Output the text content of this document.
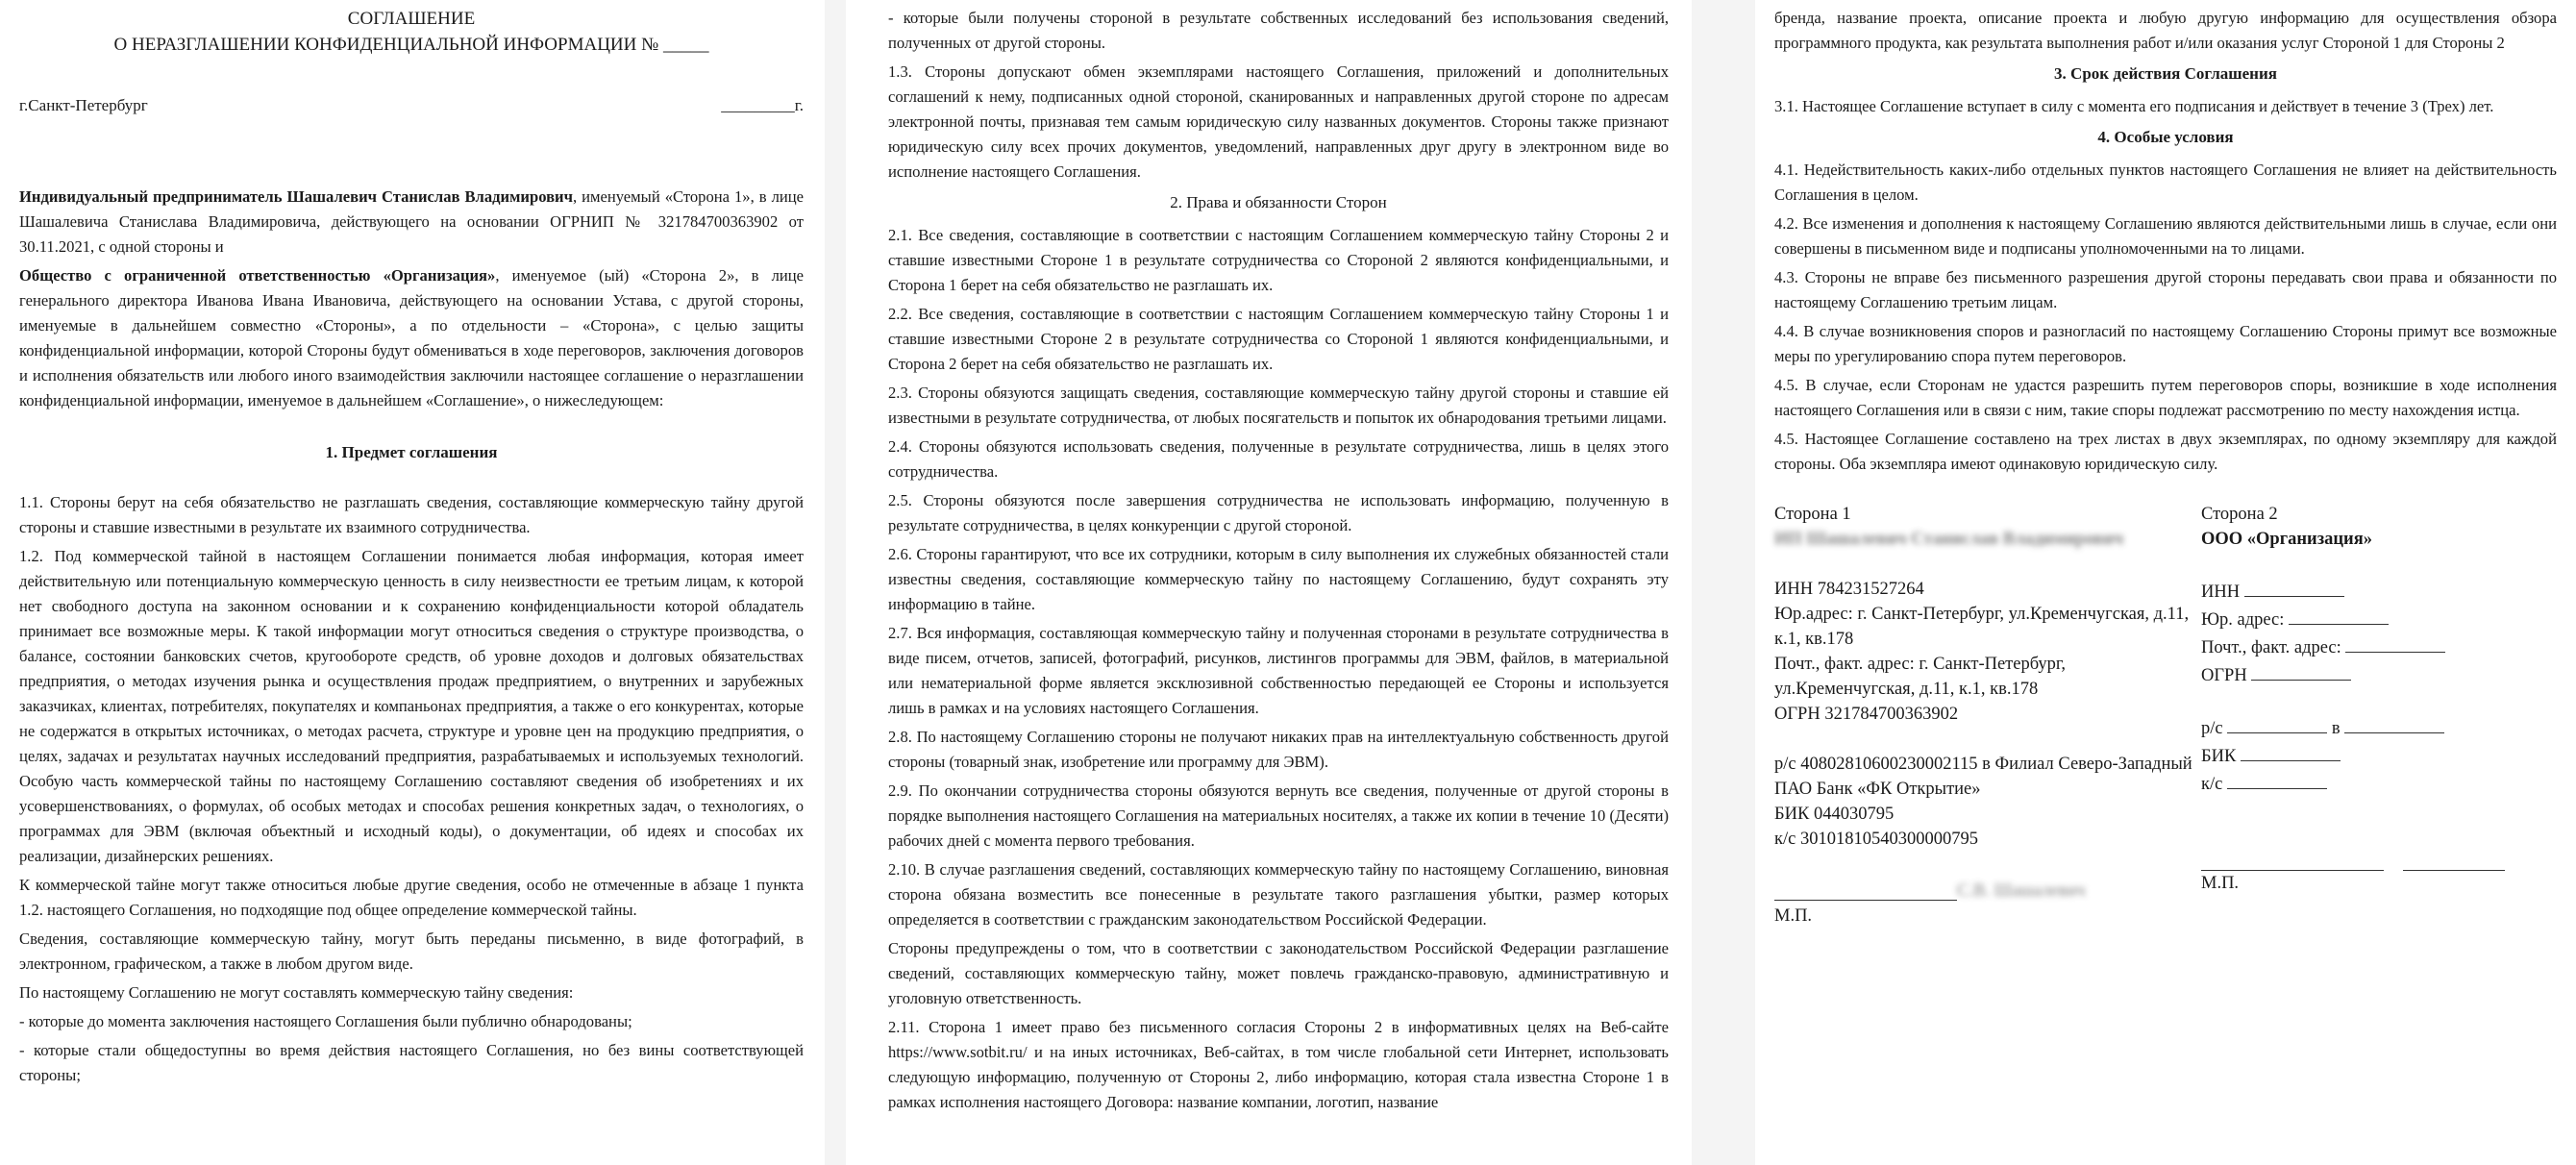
СОГЛАШЕНИЕ

О НЕРАЗГЛАШЕНИИ КОНФИДЕНЦИАЛЬНОЙ ИНФОРМАЦИИ № _____

г.Санкт-Петербург	_________г.

Индивидуальный предприниматель Шашалевич Станислав Владимирович, именуемый «Сторона 1», в лице Шашалевича Станислава Владимировича, действующего на основании ОГРНИП № 321784700363902 от 30.11.2021, с одной стороны и

Общество с ограниченной ответственностью «Организация», именуемое (ый) «Сторона 2», в лице генерального директора Иванова Ивана Ивановича, действующего на основании Устава, с другой стороны, именуемые в дальнейшем совместно «Стороны», а по отдельности – «Сторона», с целью защиты конфиденциальной информации, которой Стороны будут обмениваться в ходе переговоров, заключения договоров и исполнения обязательств или любого иного взаимодействия заключили настоящее соглашение о неразглашении конфиденциальной информации, именуемое в дальнейшем «Соглашение», о нижеследующем:

1. Предмет соглашения

1.1. Стороны берут на себя обязательство не разглашать сведения, составляющие коммерческую тайну другой стороны и ставшие известными в результате их взаимного сотрудничества.

1.2. Под коммерческой тайной в настоящем Соглашении понимается любая информация, которая имеет действительную или потенциальную коммерческую ценность в силу неизвестности ее третьим лицам, к которой нет свободного доступа на законном основании и к сохранению конфиденциальности которой обладатель принимает все возможные меры. К такой информации могут относиться сведения о структуре производства, о балансе, состоянии банковских счетов, кругообороте средств, об уровне доходов и долговых обязательствах предприятия, о методах изучения рынка и осуществления продаж предприятием, о внутренних и зарубежных заказчиках, клиентах, потребителях, покупателях и компаньонах предприятия, а также о его конкурентах, которые не содержатся в открытых источниках, о методах расчета, структуре и уровне цен на продукцию предприятия, о целях, задачах и результатах научных исследований предприятия, разрабатываемых и используемых технологий. Особую часть коммерческой тайны по настоящему Соглашению составляют сведения об изобретениях и их усовершенствованиях, о формулах, об особых методах и способах решения конкретных задач, о технологиях, о программах для ЭВМ (включая объектный и исходный коды), о документации, об идеях и способах их реализации, дизайнерских решениях.

К коммерческой тайне могут также относиться любые другие сведения, особо не отмеченные в абзаце 1 пункта 1.2. настоящего Соглашения, но подходящие под общее определение коммерческой тайны.

Сведения, составляющие коммерческую тайну, могут быть переданы письменно, в виде фотографий, в электронном, графическом, а также в любом другом виде.

По настоящему Соглашению не могут составлять коммерческую тайну сведения:

- которые до момента заключения настоящего Соглашения были публично обнародованы;

- которые стали общедоступны во время действия настоящего Соглашения, но без вины соответствующей стороны;

- которые были получены стороной в результате собственных исследований без использования сведений, полученных от другой стороны.

1.3. Стороны допускают обмен экземплярами настоящего Соглашения, приложений и дополнительных соглашений к нему, подписанных одной стороной, сканированных и направленных другой стороне по адресам электронной почты, признавая тем самым юридическую силу названных документов. Стороны также признают юридическую силу всех прочих документов, уведомлений, направленных друг другу в электронном виде во исполнение настоящего Соглашения.

2. Права и обязанности Сторон

2.1. Все сведения, составляющие в соответствии с настоящим Соглашением коммерческую тайну Стороны 2 и ставшие известными Стороне 1 в результате сотрудничества со Стороной 2 являются конфиденциальными, и Сторона 1 берет на себя обязательство не разглашать их.

2.2. Все сведения, составляющие в соответствии с настоящим Соглашением коммерческую тайну Стороны 1 и ставшие известными Стороне 2 в результате сотрудничества со Стороной 1 являются конфиденциальными, и Сторона 2 берет на себя обязательство не разглашать их.

2.3. Стороны обязуются защищать сведения, составляющие коммерческую тайну другой стороны и ставшие ей известными в результате сотрудничества, от любых посягательств и попыток их обнародования третьими лицами.

2.4. Стороны обязуются использовать сведения, полученные в результате сотрудничества, лишь в целях этого сотрудничества.

2.5. Стороны обязуются после завершения сотрудничества не использовать информацию, полученную в результате сотрудничества, в целях конкуренции с другой стороной.

2.6. Стороны гарантируют, что все их сотрудники, которым в силу выполнения их служебных обязанностей стали известны сведения, составляющие коммерческую тайну по настоящему Соглашению, будут сохранять эту информацию в тайне.

2.7. Вся информация, составляющая коммерческую тайну и полученная сторонами в результате сотрудничества в виде писем, отчетов, записей, фотографий, рисунков, листингов программы для ЭВМ, файлов, в материальной или нематериальной форме является эксклюзивной собственностью передающей ее Стороны и используется лишь в рамках и на условиях настоящего Соглашения.

2.8. По настоящему Соглашению стороны не получают никаких прав на интеллектуальную собственность другой стороны (товарный знак, изобретение или программу для ЭВМ).

2.9. По окончании сотрудничества стороны обязуются вернуть все сведения, полученные от другой стороны в порядке выполнения настоящего Соглашения на материальных носителях, а также их копии в течение 10 (Десяти) рабочих дней с момента первого требования.

2.10. В случае разглашения сведений, составляющих коммерческую тайну по настоящему Соглашению, виновная сторона обязана возместить все понесенные в результате такого разглашения убытки, размер которых определяется в соответствии с гражданским законодательством Российской Федерации.

Стороны предупреждены о том, что в соответствии с законодательством Российской Федерации разглашение сведений, составляющих коммерческую тайну, может повлечь гражданско-правовую, административную и уголовную ответственность.

2.11. Сторона 1 имеет право без письменного согласия Стороны 2 в информативных целях на Веб-сайте https://www.sotbit.ru/ и на иных источниках, Веб-сайтах, в том числе глобальной сети Интернет, использовать следующую информацию, полученную от Стороны 2, либо информацию, которая стала известна Стороне 1 в рамках исполнения настоящего Договора: название компании, логотип, название

бренда, название проекта, описание проекта и любую другую информацию для осуществления обзора программного продукта, как результата выполнения работ и/или оказания услуг Стороной 1 для Стороны 2

3. Срок действия Соглашения

3.1. Настоящее Соглашение вступает в силу с момента его подписания и действует в течение 3 (Трех) лет.

4. Особые условия

4.1. Недействительность каких-либо отдельных пунктов настоящего Соглашения не влияет на действительность Соглашения в целом.

4.2. Все изменения и дополнения к настоящему Соглашению являются действительными лишь в случае, если они совершены в письменном виде и подписаны уполномоченными на то лицами.

4.3. Стороны не вправе без письменного разрешения другой стороны передавать свои права и обязанности по настоящему Соглашению третьим лицам.

4.4. В случае возникновения споров и разногласий по настоящему Соглашению Стороны примут все возможные меры по урегулированию спора путем переговоров.

4.5. В случае, если Сторонам не удастся разрешить путем переговоров споры, возникшие в ходе исполнения настоящего Соглашения или в связи с ним, такие споры подлежат рассмотрению по месту нахождения истца.

4.5. Настоящее Соглашение составлено на трех листах в двух экземплярах, по одному экземпляру для каждой стороны. Оба экземпляра имеют одинаковую юридическую силу.

Сторона 1
ИП Шашалевич Станислав Владимирович
ИНН 784231527264
Юр.адрес: г. Санкт-Петербург, ул.Кременчугская, д.11, к.1, кв.178
Почт., факт. адрес: г. Санкт-Петербург, ул.Кременчугская, д.11, к.1, кв.178
ОГРН 321784700363902
р/с 40802810600230002115 в Филиал Северо-Западный ПАО Банк «ФК Открытие»
БИК 044030795
к/с 30101810540300000795
С.В. Шашалевич
М.П.
Сторона 2
ООО «Организация»
ИНН
Юр. адрес:
Почт., факт. адрес:
ОГРН
р/с	в
БИК
к/с
М.П.
